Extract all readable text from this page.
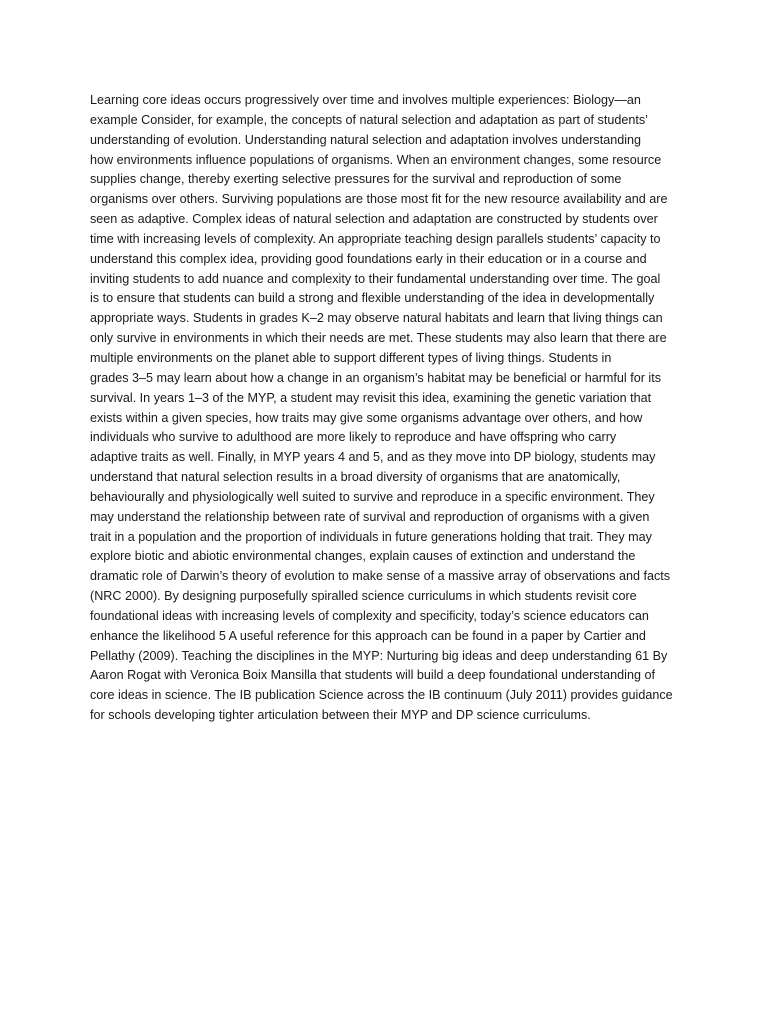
Learning core ideas occurs progressively over time and involves multiple experiences: Biology—an
example Consider, for example, the concepts of natural selection and adaptation as part of students’
understanding of evolution. Understanding natural selection and adaptation involves understanding
how environments influence populations of organisms. When an environment changes, some resource
supplies change, thereby exerting selective pressures for the survival and reproduction of some
organisms over others. Surviving populations are those most fit for the new resource availability and are
seen as adaptive. Complex ideas of natural selection and adaptation are constructed by students over
time with increasing levels of complexity. An appropriate teaching design parallels students’ capacity to
understand this complex idea, providing good foundations early in their education or in a course and
inviting students to add nuance and complexity to their fundamental understanding over time. The goal
is to ensure that students can build a strong and flexible understanding of the idea in developmentally
appropriate ways. Students in grades K–2 may observe natural habitats and learn that living things can
only survive in environments in which their needs are met. These students may also learn that there are
multiple environments on the planet able to support different types of living things. Students in
grades 3–5 may learn about how a change in an organism’s habitat may be beneficial or harmful for its
survival. In years 1–3 of the MYP, a student may revisit this idea, examining the genetic variation that
exists within a given species, how traits may give some organisms advantage over others, and how
individuals who survive to adulthood are more likely to reproduce and have offspring who carry
adaptive traits as well. Finally, in MYP years 4 and 5, and as they move into DP biology, students may
understand that natural selection results in a broad diversity of organisms that are anatomically,
behaviourally and physiologically well suited to survive and reproduce in a specific environment. They
may understand the relationship between rate of survival and reproduction of organisms with a given
trait in a population and the proportion of individuals in future generations holding that trait. They may
explore biotic and abiotic environmental changes, explain causes of extinction and understand the
dramatic role of Darwin’s theory of evolution to make sense of a massive array of observations and facts
(NRC 2000). By designing purposefully spiralled science curriculums in which students revisit core
foundational ideas with increasing levels of complexity and specificity, today’s science educators can
enhance the likelihood 5 A useful reference for this approach can be found in a paper by Cartier and
Pellathy (2009). Teaching the disciplines in the MYP: Nurturing big ideas and deep understanding 61 By
Aaron Rogat with Veronica Boix Mansilla that students will build a deep foundational understanding of
core ideas in science. The IB publication Science across the IB continuum (July 2011) provides guidance
for schools developing tighter articulation between their MYP and DP science curriculums.
